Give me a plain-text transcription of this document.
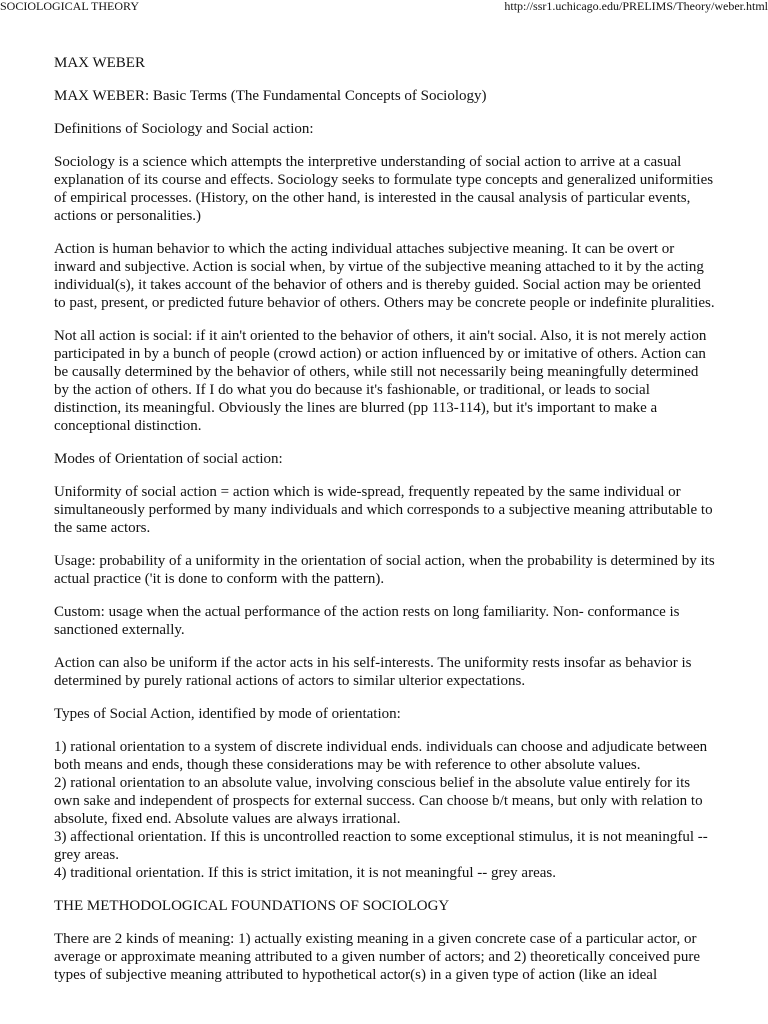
SOCIOLOGICAL THEORY	http://ssr1.uchicago.edu/PRELIMS/Theory/weber.html

MAX WEBER

MAX WEBER: Basic Terms (The Fundamental Concepts of Sociology)

Definitions of Sociology and Social action:

Sociology is a science which attempts the interpretive understanding of social action to arrive at a casual explanation of its course and effects. Sociology seeks to formulate type concepts and generalized uniformities of empirical processes. (History, on the other hand, is interested in the causal analysis of particular events, actions or personalities.)

Action is human behavior to which the acting individual attaches subjective meaning. It can be overt or inward and subjective. Action is social when, by virtue of the subjective meaning attached to it by the acting individual(s), it takes account of the behavior of others and is thereby guided. Social action may be oriented to past, present, or predicted future behavior of others. Others may be concrete people or indefinite pluralities.

Not all action is social: if it ain't oriented to the behavior of others, it ain't social. Also, it is not merely action participated in by a bunch of people (crowd action) or action influenced by or imitative of others. Action can be causally determined by the behavior of others, while still not necessarily being meaningfully determined by the action of others. If I do what you do because it's fashionable, or traditional, or leads to social distinction, its meaningful. Obviously the lines are blurred (pp 113-114), but it's important to make a conceptional distinction.

Modes of Orientation of social action:

Uniformity of social action = action which is wide-spread, frequently repeated by the same individual or simultaneously performed by many individuals and which corresponds to a subjective meaning attributable to the same actors.

Usage: probability of a uniformity in the orientation of social action, when the probability is determined by its actual practice ('it is done to conform with the pattern).

Custom: usage when the actual performance of the action rests on long familiarity. Non- conformance is sanctioned externally.

Action can also be uniform if the actor acts in his self-interests. The uniformity rests insofar as behavior is determined by purely rational actions of actors to similar ulterior expectations.

Types of Social Action, identified by mode of orientation:

1) rational orientation to a system of discrete individual ends. individuals can choose and adjudicate between both means and ends, though these considerations may be with reference to other absolute values.
2) rational orientation to an absolute value, involving conscious belief in the absolute value entirely for its own sake and independent of prospects for external success. Can choose b/t means, but only with relation to absolute, fixed end. Absolute values are always irrational.
3) affectional orientation. If this is uncontrolled reaction to some exceptional stimulus, it is not meaningful -- grey areas.
4) traditional orientation. If this is strict imitation, it is not meaningful -- grey areas.

THE METHODOLOGICAL FOUNDATIONS OF SOCIOLOGY

There are 2 kinds of meaning: 1) actually existing meaning in a given concrete case of a particular actor, or average or approximate meaning attributed to a given number of actors; and 2) theoretically conceived pure types of subjective meaning attributed to hypothetical actor(s) in a given type of action (like an ideal
